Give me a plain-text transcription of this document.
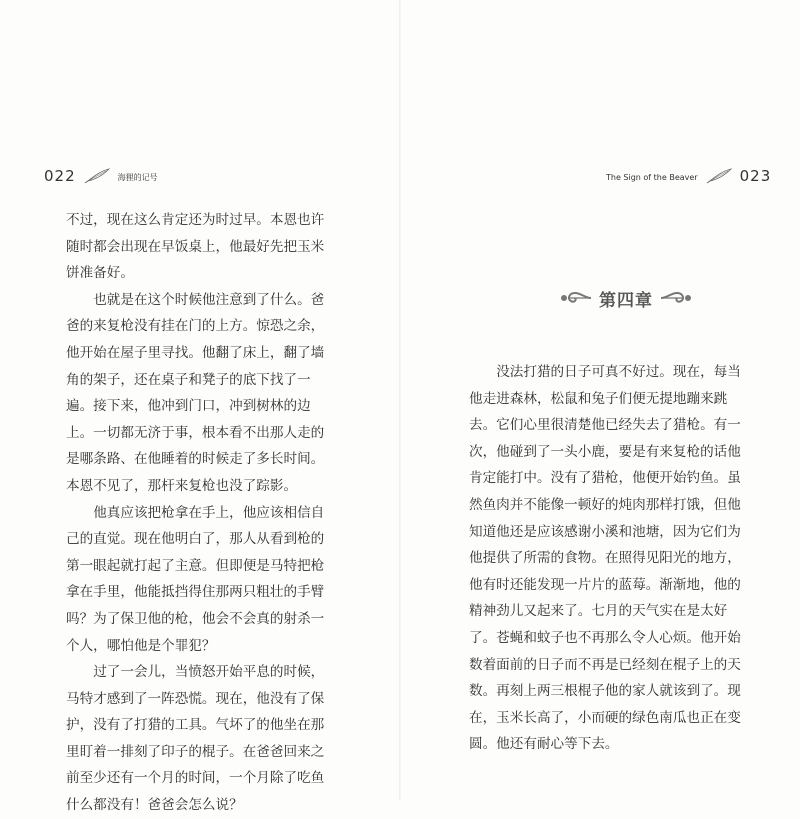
022	海狸的记号

不过，现在这么肯定还为时过早。本恩也许随时都会出现在早饭桌上，他最好先把玉米饼准备好。

也就是在这个时候他注意到了什么。爸爸的来复枪没有挂在门的上方。惊恐之余，他开始在屋子里寻找。他翻了床上，翻了墙角的架子，还在桌子和凳子的底下找了一遍。接下来，他冲到门口，冲到树林的边上。一切都无济于事，根本看不出那人走的是哪条路、在他睡着的时候走了多长时间。本恩不见了，那杆来复枪也没了踪影。

他真应该把枪拿在手上，他应该相信自己的直觉。现在他明白了，那人从看到枪的第一眼起就打起了主意。但即便是马特把枪拿在手里，他能抵挡得住那两只粗壮的手臂吗？为了保卫他的枪，他会不会真的射杀一个人，哪怕他是个罪犯？

过了一会儿，当愤怒开始平息的时候，马特才感到了一阵恐慌。现在，他没有了保护，没有了打猎的工具。气坏了的他坐在那里盯着一排刻了印子的棍子。在爸爸回来之前至少还有一个月的时间，一个月除了吃鱼什么都没有！爸爸会怎么说？

The Sign of the Beaver	023
第四章

没法打猎的日子可真不好过。现在，每当他走进森林，松鼠和兔子们便无提地蹦来跳去。它们心里很清楚他已经失去了猎枪。有一次，他碰到了一头小鹿，要是有来复枪的话他肯定能打中。没有了猎枪，他便开始钓鱼。虽然鱼肉并不能像一顿好的炖肉那样打饿，但他知道他还是应该感谢小溪和池塘，因为它们为他提供了所需的食物。在照得见阳光的地方，他有时还能发现一片片的蓝莓。渐渐地，他的精神劲儿又起来了。七月的天气实在是太好了。苍蝇和蚊子也不再那么令人心烦。他开始数着面前的日子而不再是已经刻在棍子上的天数。再刻上两三根棍子他的家人就该到了。现在，玉米长高了，小而硬的绿色南瓜也正在变圆。他还有耐心等下去。
